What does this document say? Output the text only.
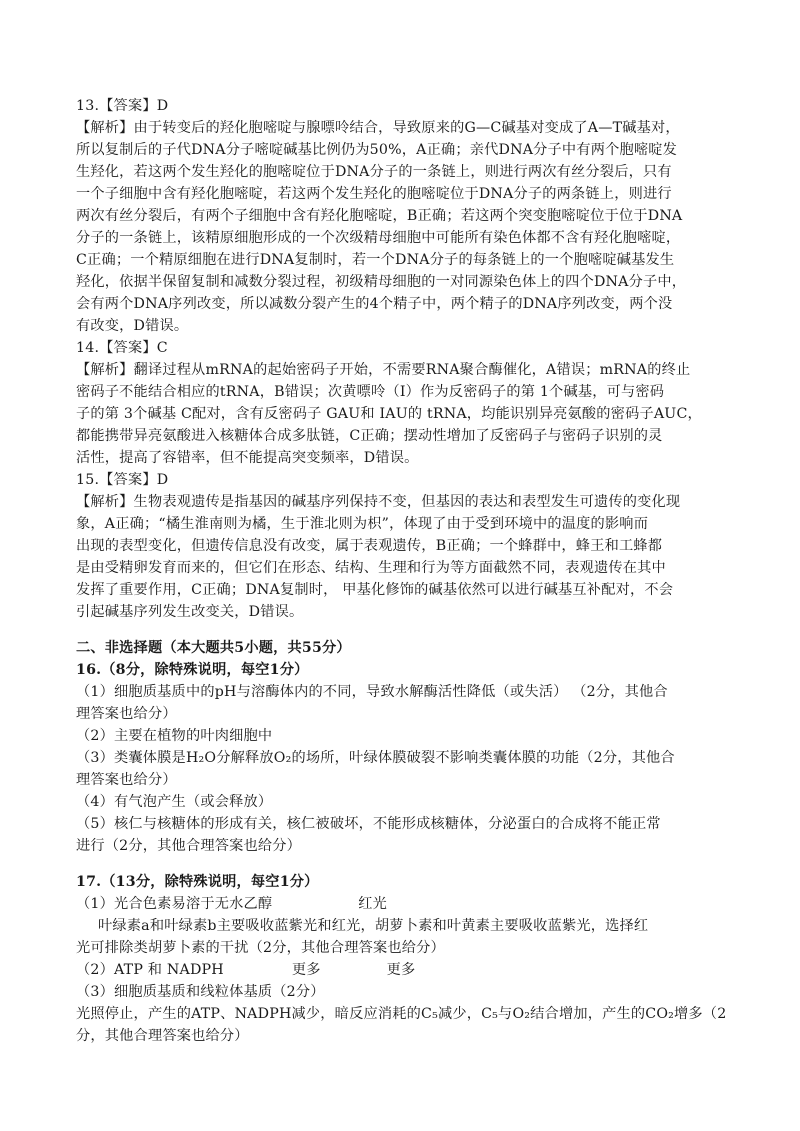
13.【答案】D
【解析】由于转变后的羟化胞嘧啶与腺嘌呤结合，导致原来的G—C碱基对变成了A—T碱基对，
所以复制后的子代DNA分子嘧啶碱基比例仍为50%，A正确；亲代DNA分子中有两个胞嘧啶发
生羟化，若这两个发生羟化的胞嘧啶位于DNA分子的一条链上，则进行两次有丝分裂后，只有
一个子细胞中含有羟化胞嘧啶，若这两个发生羟化的胞嘧啶位于DNA分子的两条链上，则进行
两次有丝分裂后，有两个子细胞中含有羟化胞嘧啶，B正确；若这两个突变胞嘧啶位于位于DNA
分子的一条链上，该精原细胞形成的一个次级精母细胞中可能所有染色体都不含有羟化胞嘧啶，
C正确；一个精原细胞在进行DNA复制时，若一个DNA分子的每条链上的一个胞嘧啶碱基发生
羟化，依据半保留复制和减数分裂过程，初级精母细胞的一对同源染色体上的四个DNA分子中，
会有两个DNA序列改变，所以减数分裂产生的4个精子中，两个精子的DNA序列改变，两个没
有改变，D错误。
14.【答案】C
【解析】翻译过程从mRNA的起始密码子开始，不需要RNA聚合酶催化，A错误；mRNA的终止
密码子不能结合相应的tRNA，B错误；次黄嘌呤（I）作为反密码子的第 1个碱基，可与密码
子的第 3个碱基 C配对，含有反密码子 GAU和 IAU的 tRNA，均能识别异亮氨酸的密码子AUC，
都能携带异亮氨酸进入核糖体合成多肽链，C正确；摆动性增加了反密码子与密码子识别的灵
活性，提高了容错率，但不能提高突变频率，D错误。
15.【答案】D
【解析】生物表观遗传是指基因的碱基序列保持不变，但基因的表达和表型发生可遗传的变化现
象，A正确；“橘生淮南则为橘，生于淮北则为枳”，体现了由于受到环境中的温度的影响而
出现的表型变化，但遗传信息没有改变，属于表观遗传，B正确；一个蜂群中，蜂王和工蜂都
是由受精卵发育而来的，但它们在形态、结构、生理和行为等方面截然不同，表观遗传在其中
发挥了重要作用，C正确；DNA复制时， 甲基化修饰的碱基依然可以进行碱基互补配对，不会
引起碱基序列发生改变关，D错误。
二、非选择题（本大题共5小题，共55分）
16.（8分，除特殊说明，每空1分）
（1）细胞质基质中的pH与溶酶体内的不同，导致水解酶活性降低（或失活） （2分，其他合
理答案也给分）
（2）主要在植物的叶肉细胞中
（3）类囊体膜是H₂O分解释放O₂的场所，叶绿体膜破裂不影响类囊体膜的功能（2分，其他合
理答案也给分）
（4）有气泡产生（或会释放）
（5）核仁与核糖体的形成有关，核仁被破坏，不能形成核糖体，分泌蛋白的合成将不能正常
进行（2分，其他合理答案也给分）
17.（13分，除特殊说明，每空1分）
（1）光合色素易溶于无水乙醇	红光
叶绿素a和叶绿素b主要吸收蓝紫光和红光，胡萝卜素和叶黄素主要吸收蓝紫光，选择红
光可排除类胡萝卜素的干扰（2分，其他合理答案也给分）
（2）ATP 和 NADPH	更多	更多
（3）细胞质基质和线粒体基质（2分）
光照停止，产生的ATP、NADPH减少，暗反应消耗的C₅减少，C₅与O₂结合增加，产生的CO₂增多（2
分，其他合理答案也给分）
